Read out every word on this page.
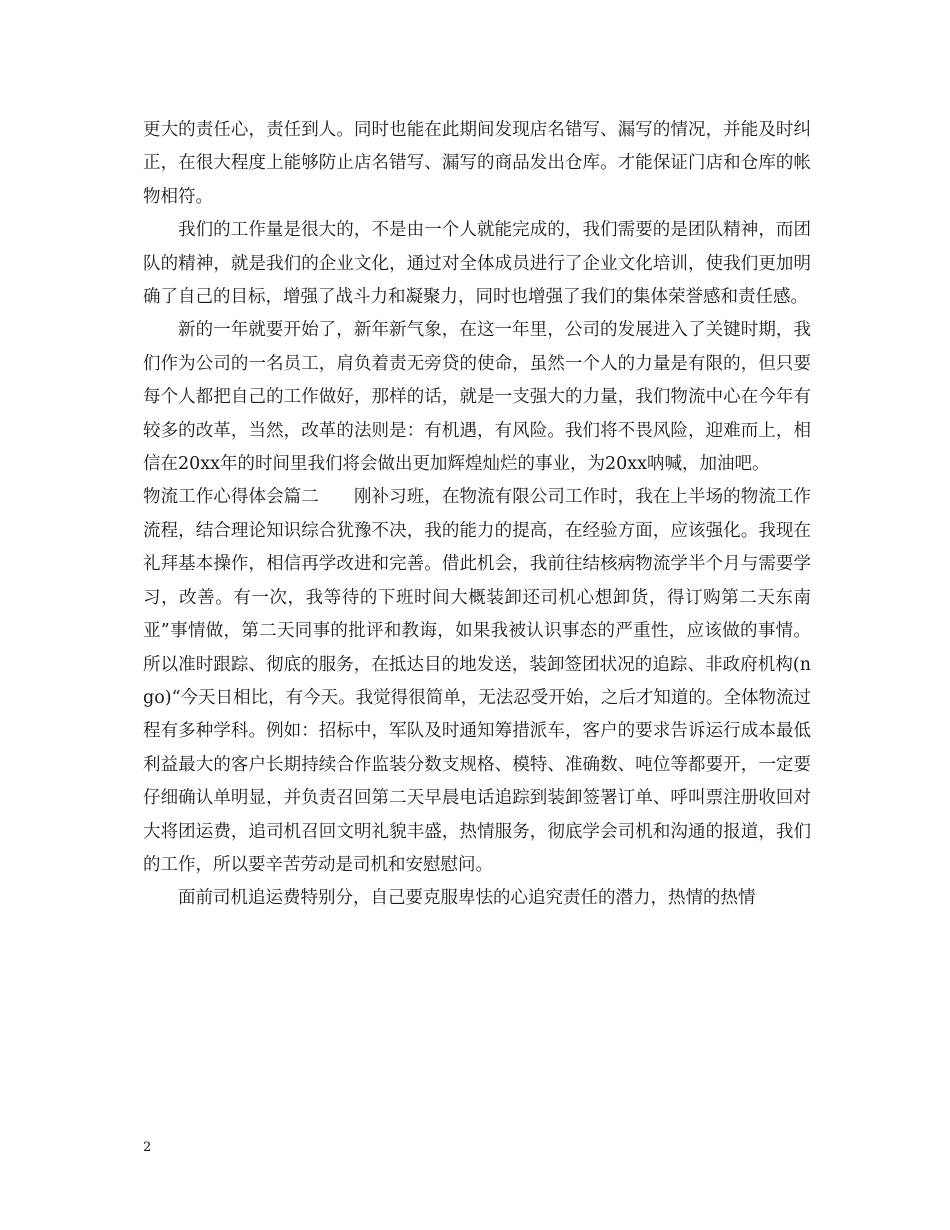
更大的责任心，责任到人。同时也能在此期间发现店名错写、漏写的情况，并能及时纠正，在很大程度上能够防止店名错写、漏写的商品发出仓库。才能保证门店和仓库的帐物相符。

我们的工作量是很大的，不是由一个人就能完成的，我们需要的是团队精神，而团队的精神，就是我们的企业文化，通过对全体成员进行了企业文化培训，使我们更加明确了自己的目标，增强了战斗力和凝聚力，同时也增强了我们的集体荣誉感和责任感。

新的一年就要开始了，新年新气象，在这一年里，公司的发展进入了关键时期，我们作为公司的一名员工，肩负着责无旁贷的使命，虽然一个人的力量是有限的，但只要每个人都把自己的工作做好，那样的话，就是一支强大的力量，我们物流中心在今年有较多的改革，当然，改革的法则是：有机遇，有风险。我们将不畏风险，迎难而上，相信在20xx年的时间里我们将会做出更加辉煌灿烂的事业，为20xx呐喊，加油吧。

物流工作心得体会篇二　　刚补习班，在物流有限公司工作时，我在上半场的物流工作流程，结合理论知识综合犹豫不决，我的能力的提高，在经验方面，应该强化。我现在礼拜基本操作，相信再学改进和完善。借此机会，我前往结核病物流学半个月与需要学习，改善。有一次，我等待的下班时间大概装卸还司机心想卸货，得订购第二天东南亚”事情做，第二天同事的批评和教诲，如果我被认识事态的严重性，应该做的事情。所以准时跟踪、彻底的服务，在抵达目的地发送，装卸签团状况的追踪、非政府机构(ngo)“今天日相比，有今天。我觉得很简单，无法忍受开始，之后才知道的。全体物流过程有多种学科。例如：招标中，军队及时通知筹措派车，客户的要求告诉运行成本最低利益最大的客户长期持续合作监装分数支规格、模特、准确数、吨位等都要开，一定要仔细确认单明显，并负责召回第二天早晨电话追踪到装卸签署订单、呼叫票注册收回对大将团运费，追司机召回文明礼貌丰盛，热情服务，彻底学会司机和沟通的报道，我们的工作，所以要辛苦劳动是司机和安慰慰问。

面前司机追运费特别分，自己要克服卑怯的心追究责任的潜力，热情的热情

2
